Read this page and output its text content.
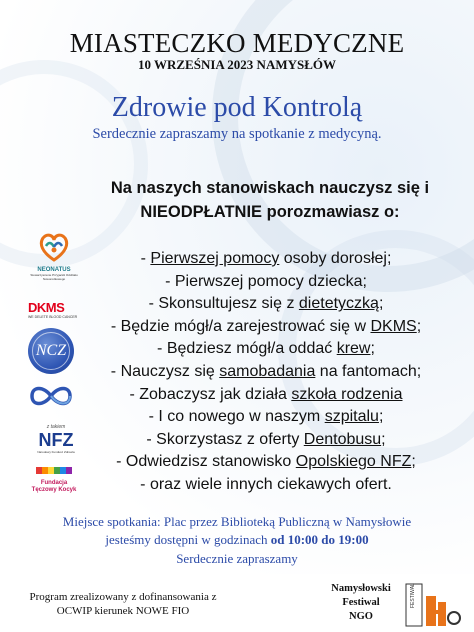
MIASTECZKO MEDYCZNE
10 WRZEŚNIA 2023 NAMYSŁÓW
Zdrowie pod Kontrolą
Serdecznie zapraszamy na spotkanie z medycyną.
Na naszych stanowiskach nauczysz się i
NIEODPŁATNIE porozmawiasz o:
- Pierwszej pomocy osoby dorosłej;
- Pierwszej pomocy dziecka;
- Skonsultujesz się z dietetyczką;
- Będzie mógł/a zarejestrować się w DKMS;
- Będziesz mógł/a oddać krew;
- Nauczysz się samobadania na fantomach;
- Zobaczysz jak działa szkoła rodzenia
- I co nowego w naszym szpitalu;
- Skorzystasz z oferty Dentobusu;
- Odwiedzisz stanowisko Opolskiego NFZ;
- oraz wiele innych ciekawych ofert.
NEONATUS
Stowarzyszenie Przyjaciół Oddziału Noworodkowego
DKMS
WE DELETE BLOOD CANCER
NCZ
z takiem
NFZ
Narodowy Fundusz Zdrowia
Fundacja
Tęczowy Kocyk
Miejsce spotkania: Plac przez Biblioteką Publiczną w Namysłowie
jesteśmy dostępni w godzinach od 10:00 do 19:00
Serdecznie zapraszamy
Program zrealizowany z dofinansowania z
OCWIP kierunek NOWE FIO
Namysłowski
Festiwal
NGO
FESTIWAL
